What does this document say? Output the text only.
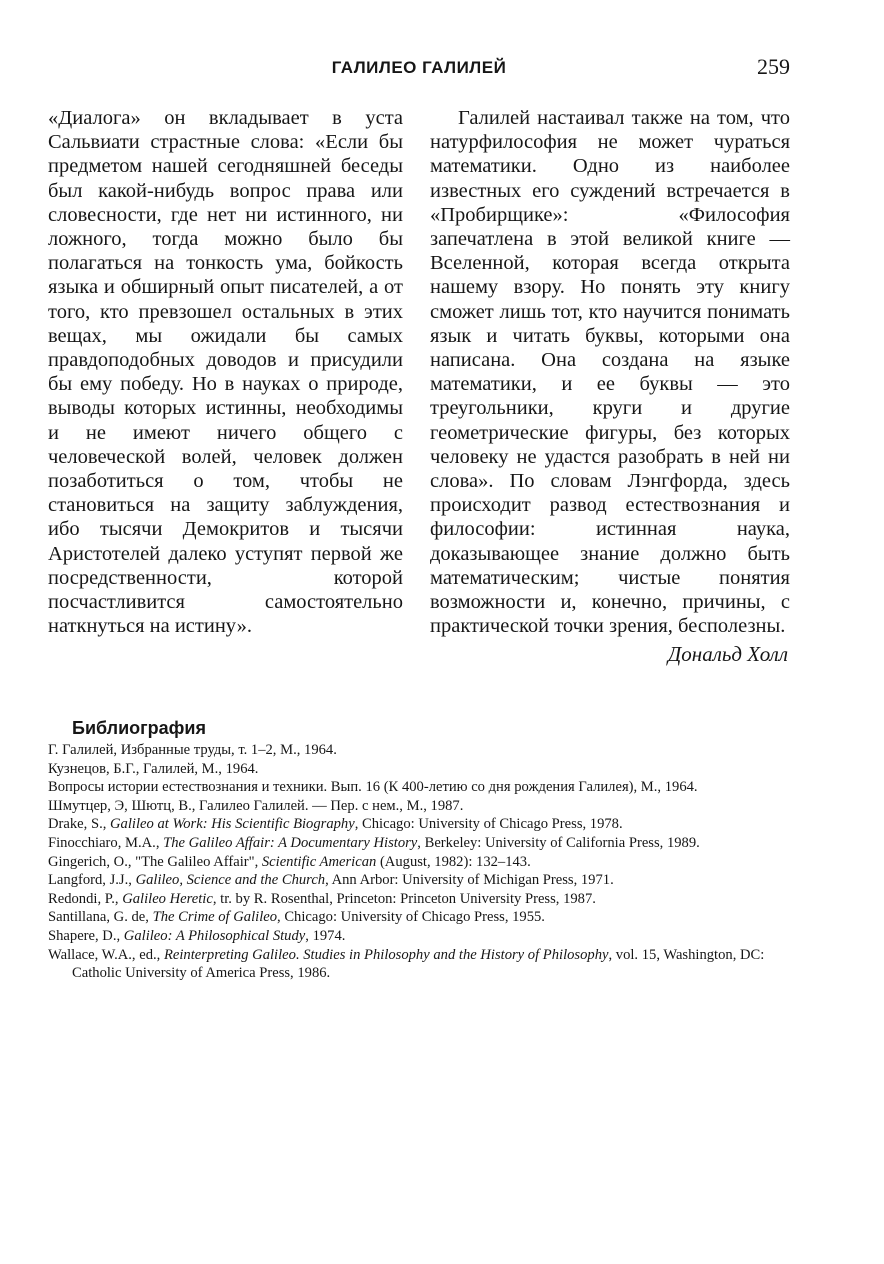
ГАЛИЛЕО ГАЛИЛЕЙ	259

«Диалога» он вкладывает в уста Сальвиати страстные слова: «Если бы предметом нашей сегодняшней беседы был какой-нибудь вопрос права или словесности, где нет ни истинного, ни ложного, тогда можно было бы полагаться на тонкость ума, бойкость языка и обширный опыт писателей, а от того, кто превзошел остальных в этих вещах, мы ожидали бы самых правдоподобных доводов и присудили бы ему победу. Но в науках о природе, выводы которых истинны, необходимы и не имеют ничего общего с человеческой волей, человек должен позаботиться о том, чтобы не становиться на защиту заблуждения, ибо тысячи Демокритов и тысячи Аристотелей далеко уступят первой же посредственности, которой посчастливится самостоятельно наткнуться на истину».

Галилей настаивал также на том, что натурфилософия не может чураться математики. Одно из наиболее известных его суждений встречается в «Пробирщике»: «Философия запечатлена в этой великой книге — Вселенной, которая всегда открыта нашему взору. Но понять эту книгу сможет лишь тот, кто научится понимать язык и читать буквы, которыми она написана. Она создана на языке математики, и ее буквы — это треугольники, круги и другие геометрические фигуры, без которых человеку не удастся разобрать в ней ни слова». По словам Лэнгфорда, здесь происходит развод естествознания и философии: истинная наука, доказывающее знание должно быть математическим; чистые понятия возможности и, конечно, причины, с практической точки зрения, бесполезны.

Дональд Холл
Библиография
Г. Галилей, Избранные труды, т. 1–2, М., 1964.
Кузнецов, Б.Г., Галилей, М., 1964.
Вопросы истории естествознания и техники. Вып. 16 (К 400-летию со дня рождения Галилея), М., 1964.
Шмутцер, Э, Шютц, В., Галилео Галилей. — Пер. с нем., М., 1987.
Drake, S., Galileo at Work: His Scientific Biography, Chicago: University of Chicago Press, 1978.
Finocchiaro, M.A., The Galileo Affair: A Documentary History, Berkeley: University of California Press, 1989.
Gingerich, O., "The Galileo Affair", Scientific American (August, 1982): 132–143.
Langford, J.J., Galileo, Science and the Church, Ann Arbor: University of Michigan Press, 1971.
Redondi, P., Galileo Heretic, tr. by R. Rosenthal, Princeton: Princeton University Press, 1987.
Santillana, G. de, The Crime of Galileo, Chicago: University of Chicago Press, 1955.
Shapere, D., Galileo: A Philosophical Study, 1974.
Wallace, W.A., ed., Reinterpreting Galileo. Studies in Philosophy and the History of Philosophy, vol. 15, Washington, DC: Catholic University of America Press, 1986.
